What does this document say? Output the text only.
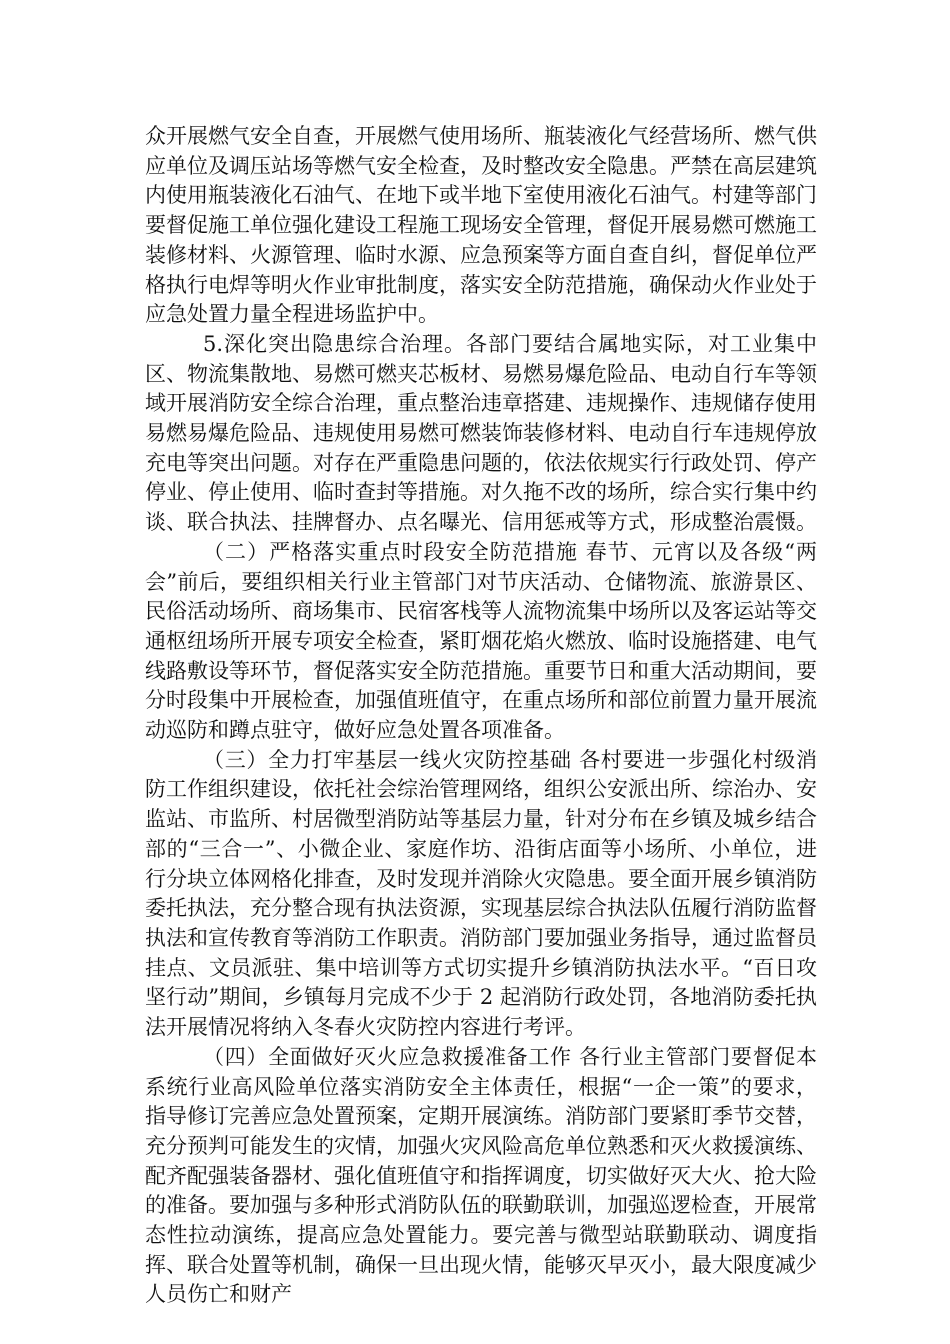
众开展燃气安全自查，开展燃气使用场所、瓶装液化气经营场所、燃气供应单位及调压站场等燃气安全检查，及时整改安全隐患。严禁在高层建筑内使用瓶装液化石油气、在地下或半地下室使用液化石油气。村建等部门要督促施工单位强化建设工程施工现场安全管理，督促开展易燃可燃施工装修材料、火源管理、临时水源、应急预案等方面自查自纠，督促单位严格执行电焊等明火作业审批制度，落实安全防范措施，确保动火作业处于应急处置力量全程进场监护中。

5.深化突出隐患综合治理。各部门要结合属地实际，对工业集中区、物流集散地、易燃可燃夹芯板材、易燃易爆危险品、电动自行车等领域开展消防安全综合治理，重点整治违章搭建、违规操作、违规储存使用易燃易爆危险品、违规使用易燃可燃装饰装修材料、电动自行车违规停放充电等突出问题。对存在严重隐患问题的，依法依规实行行政处罚、停产停业、停止使用、临时查封等措施。对久拖不改的场所，综合实行集中约谈、联合执法、挂牌督办、点名曝光、信用惩戒等方式，形成整治震慑。

（二）严格落实重点时段安全防范措施 春节、元宵以及各级“两会”前后，要组织相关行业主管部门对节庆活动、仓储物流、旅游景区、民俗活动场所、商场集市、民宿客栈等人流物流集中场所以及客运站等交通枢纽场所开展专项安全检查，紧盯烟花焰火燃放、临时设施搭建、电气线路敷设等环节，督促落实安全防范措施。重要节日和重大活动期间，要分时段集中开展检查，加强值班值守，在重点场所和部位前置力量开展流动巡防和蹲点驻守，做好应急处置各项准备。

（三）全力打牢基层一线火灾防控基础 各村要进一步强化村级消防工作组织建设，依托社会综治管理网络，组织公安派出所、综治办、安监站、市监所、村居微型消防站等基层力量，针对分布在乡镇及城乡结合部的“三合一”、小微企业、家庭作坊、沿街店面等小场所、小单位，进行分块立体网格化排查，及时发现并消除火灾隐患。要全面开展乡镇消防委托执法，充分整合现有执法资源，实现基层综合执法队伍履行消防监督执法和宣传教育等消防工作职责。消防部门要加强业务指导，通过监督员挂点、文员派驻、集中培训等方式切实提升乡镇消防执法水平。“百日攻坚行动”期间，乡镇每月完成不少于 2 起消防行政处罚，各地消防委托执法开展情况将纳入冬春火灾防控内容进行考评。

（四）全面做好灭火应急救援准备工作 各行业主管部门要督促本系统行业高风险单位落实消防安全主体责任，根据“一企一策”的要求，指导修订完善应急处置预案，定期开展演练。消防部门要紧盯季节交替，充分预判可能发生的灾情，加强火灾风险高危单位熟悉和灭火救援演练、配齐配强装备器材、强化值班值守和指挥调度，切实做好灭大火、抢大险的准备。要加强与多种形式消防队伍的联勤联训，加强巡逻检查，开展常态性拉动演练，提高应急处置能力。要完善与微型站联勤联动、调度指挥、联合处置等机制，确保一旦出现火情，能够灭早灭小，最大限度减少人员伤亡和财产
